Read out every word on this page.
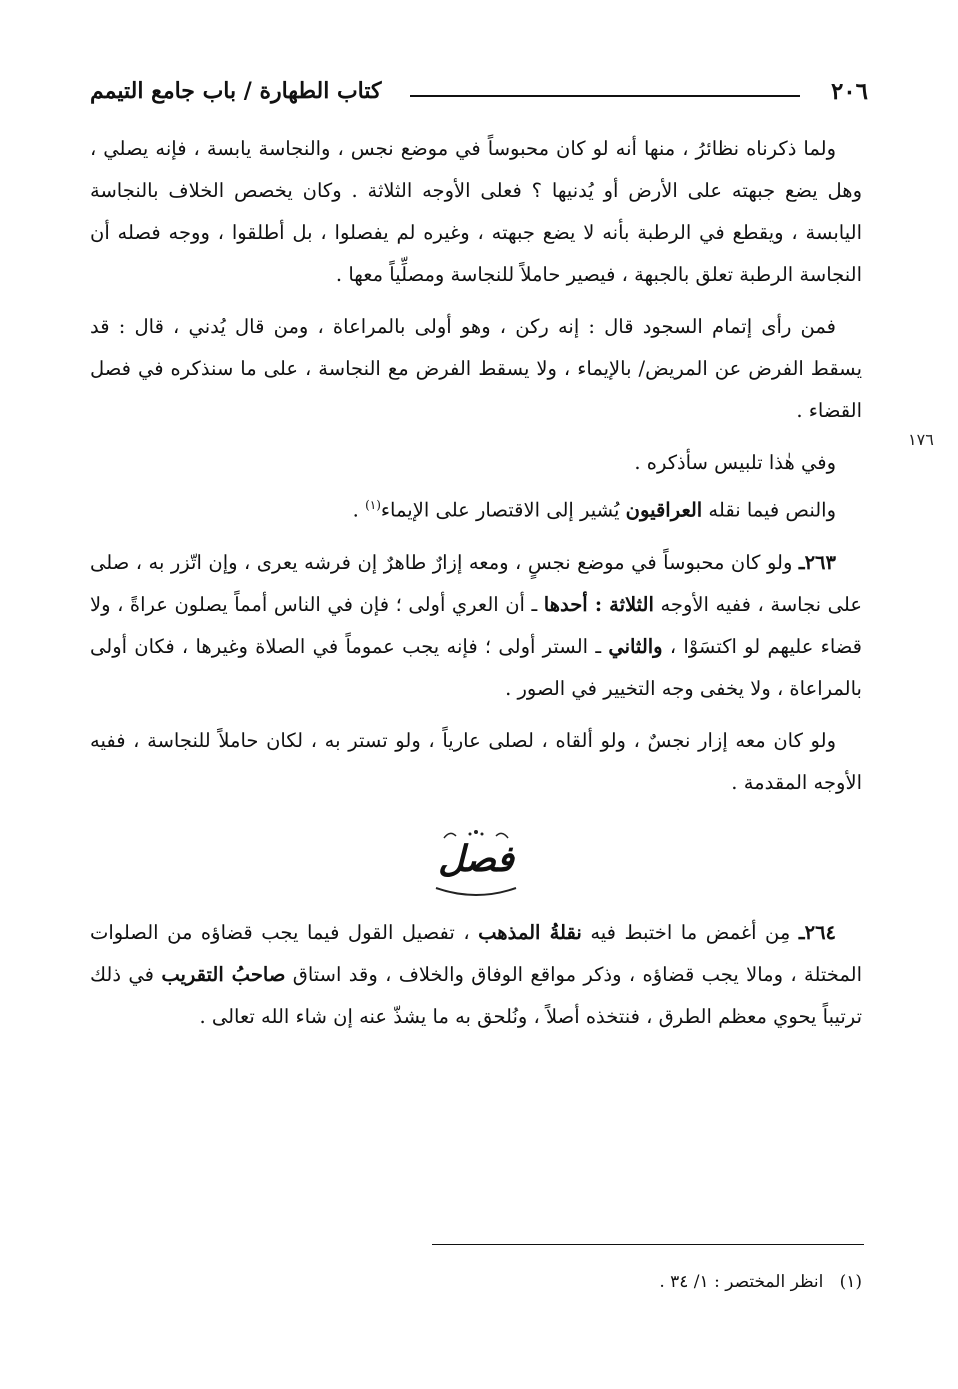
٢٠٦
كتاب الطهارة / باب جامع التيمم
١٧٦

ولما ذكرناه نظائرُ ، منها أنه لو كان محبوساً في موضع نجس ، والنجاسة يابسة ، فإنه يصلي ، وهل يضع جبهته على الأرض أو يُدنيها ؟ فعلى الأوجه الثلاثة . وكان يخصص الخلاف بالنجاسة اليابسة ، ويقطع في الرطبة بأنه لا يضع جبهته ، وغيره لم يفصلوا ، بل أطلقوا ، ووجه فصله أن النجاسة الرطبة تعلق بالجبهة ، فيصير حاملاً للنجاسة ومصلِّياً معها .

فمن رأى إتمام السجود قال : إنه ركن ، وهو أولى بالمراعاة ، ومن قال يُدني ، قال : قد يسقط الفرض عن المريض/ بالإيماء ، ولا يسقط الفرض مع النجاسة ، على ما سنذكره في فصل القضاء .

وفي هٰذا تلبيس سأذكره .

والنص فيما نقله العراقيون يُشير إلى الاقتصار على الإيماء$^{(١)}$ .

٢٦٣ـ ولو كان محبوساً في موضع نجسٍ ، ومعه إزارٌ طاهرٌ إن فرشه يعرى ، وإن اتّزر به ، صلى على نجاسة ، ففيه الأوجه الثلاثة : أحدها ـ أن العري أولى ؛ فإن في الناس أمماً يصلون عراةً ، ولا قضاء عليهم لو اكتسَوْا ، والثاني ـ الستر أولى ؛ فإنه يجب عموماً في الصلاة وغيرها ، فكان أولى بالمراعاة ، ولا يخفى وجه التخيير في الصور .

ولو كان معه إزار نجسٌ ، ولو ألقاه ، لصلى عارياً ، ولو تستر به ، لكان حاملاً للنجاسة ، ففيه الأوجه المقدمة .

فصل

٢٦٤ـ مِن أغمض ما اختبط فيه نقلةُ المذهب ، تفصيل القول فيما يجب قضاؤه من الصلوات المختلة ، ومالا يجب قضاؤه ، وذكر مواقع الوفاق والخلاف ، وقد استاق صاحبُ التقريب في ذلك ترتيباً يحوي معظم الطرق ، فنتخذه أصلاً ، ونُلحق به ما يشذّ عنه إن شاء الله تعالى .

(١)   انظر المختصر : ١/ ٣٤ .
